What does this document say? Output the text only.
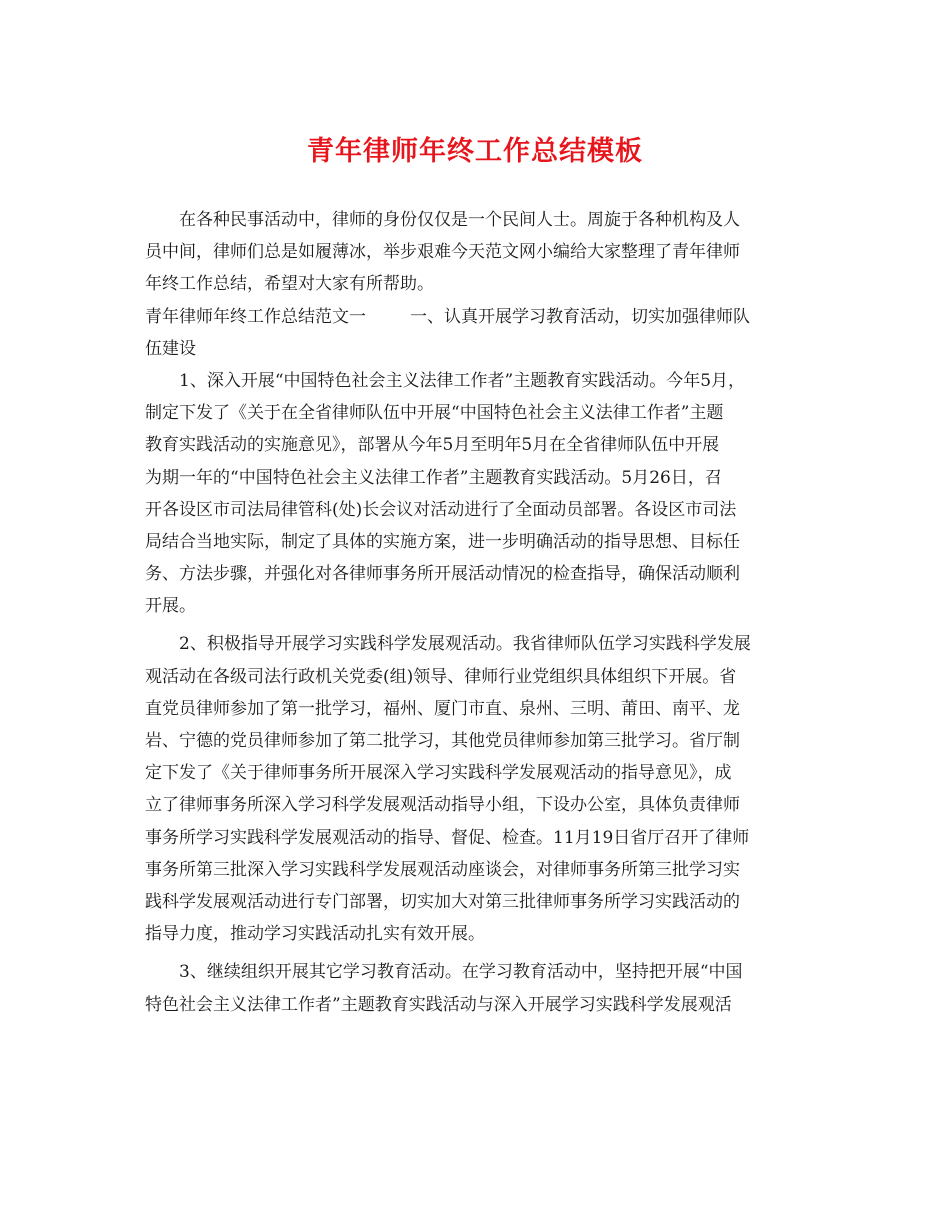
青年律师年终工作总结模板
在各种民事活动中，律师的身份仅仅是一个民间人士。周旋于各种机构及人
员中间，律师们总是如履薄冰，举步艰难今天范文网小编给大家整理了青年律师
年终工作总结，希望对大家有所帮助。
青年律师年终工作总结范文一	一、认真开展学习教育活动，切实加强律师队
伍建设
1、深入开展“中国特色社会主义法律工作者”主题教育实践活动。今年5月，
制定下发了《关于在全省律师队伍中开展“中国特色社会主义法律工作者”主题
教育实践活动的实施意见》，部署从今年5月至明年5月在全省律师队伍中开展
为期一年的“中国特色社会主义法律工作者”主题教育实践活动。5月26日，召
开各设区市司法局律管科(处)长会议对活动进行了全面动员部署。各设区市司法
局结合当地实际，制定了具体的实施方案，进一步明确活动的指导思想、目标任
务、方法步骤，并强化对各律师事务所开展活动情况的检查指导，确保活动顺利
开展。
2、积极指导开展学习实践科学发展观活动。我省律师队伍学习实践科学发展
观活动在各级司法行政机关党委(组)领导、律师行业党组织具体组织下开展。省
直党员律师参加了第一批学习，福州、厦门市直、泉州、三明、莆田、南平、龙
岩、宁德的党员律师参加了第二批学习，其他党员律师参加第三批学习。省厅制
定下发了《关于律师事务所开展深入学习实践科学发展观活动的指导意见》，成
立了律师事务所深入学习科学发展观活动指导小组，下设办公室，具体负责律师
事务所学习实践科学发展观活动的指导、督促、检查。11月19日省厅召开了律师
事务所第三批深入学习实践科学发展观活动座谈会，对律师事务所第三批学习实
践科学发展观活动进行专门部署，切实加大对第三批律师事务所学习实践活动的
指导力度，推动学习实践活动扎实有效开展。
3、继续组织开展其它学习教育活动。在学习教育活动中，坚持把开展“中国
特色社会主义法律工作者”主题教育实践活动与深入开展学习实践科学发展观活
